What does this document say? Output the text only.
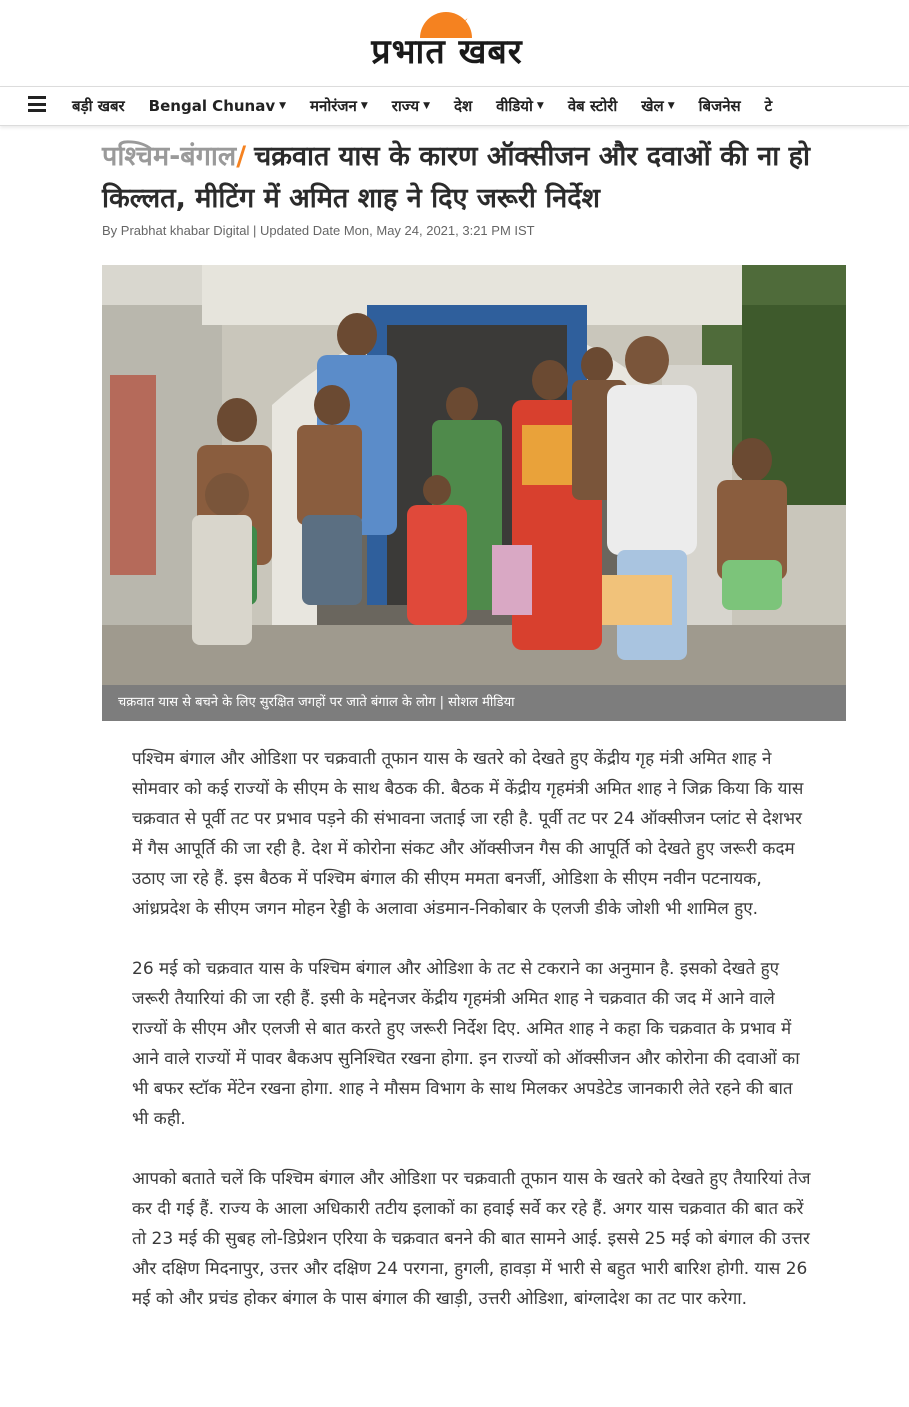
〜
प्रभात खबर
बड़ी खबर Bengal Chunav ▼ मनोरंजन ▼ राज्य ▼ देश वीडियो ▼ वेब स्टोरी खेल ▼ बिजनेस टे
पश्चिम-बंगाल/ चक्रवात यास के कारण ऑक्सीजन और दवाओं की ना हो किल्लत, मीटिंग में अमित शाह ने दिए जरूरी निर्देश
By Prabhat khabar Digital | Updated Date Mon, May 24, 2021, 3:21 PM IST
चक्रवात यास से बचने के लिए सुरक्षित जगहों पर जाते बंगाल के लोग | सोशल मीडिया

पश्चिम बंगाल और ओडिशा पर चक्रवाती तूफान यास के खतरे को देखते हुए केंद्रीय गृह मंत्री अमित शाह ने सोमवार को कई राज्यों के सीएम के साथ बैठक की. बैठक में केंद्रीय गृहमंत्री अमित शाह ने जिक्र किया कि यास चक्रवात से पूर्वी तट पर प्रभाव पड़ने की संभावना जताई जा रही है. पूर्वी तट पर 24 ऑक्सीजन प्लांट से देशभर में गैस आपूर्ति की जा रही है. देश में कोरोना संकट और ऑक्सीजन गैस की आपूर्ति को देखते हुए जरूरी कदम उठाए जा रहे हैं. इस बैठक में पश्चिम बंगाल की सीएम ममता बनर्जी, ओडिशा के सीएम नवीन पटनायक, आंध्रप्रदेश के सीएम जगन मोहन रेड्डी के अलावा अंडमान-निकोबार के एलजी डीके जोशी भी शामिल हुए.

26 मई को चक्रवात यास के पश्चिम बंगाल और ओडिशा के तट से टकराने का अनुमान है. इसको देखते हुए जरूरी तैयारियां की जा रही हैं. इसी के मद्देनजर केंद्रीय गृहमंत्री अमित शाह ने चक्रवात की जद में आने वाले राज्यों के सीएम और एलजी से बात करते हुए जरूरी निर्देश दिए. अमित शाह ने कहा कि चक्रवात के प्रभाव में आने वाले राज्यों में पावर बैकअप सुनिश्चित रखना होगा. इन राज्यों को ऑक्सीजन और कोरोना की दवाओं का भी बफर स्टॉक मेंटेन रखना होगा. शाह ने मौसम विभाग के साथ मिलकर अपडेटेड जानकारी लेते रहने की बात भी कही.

आपको बताते चलें कि पश्चिम बंगाल और ओडिशा पर चक्रवाती तूफान यास के खतरे को देखते हुए तैयारियां तेज कर दी गई हैं. राज्य के आला अधिकारी तटीय इलाकों का हवाई सर्वे कर रहे हैं. अगर यास चक्रवात की बात करें तो 23 मई की सुबह लो-डिप्रेशन एरिया के चक्रवात बनने की बात सामने आई. इससे 25 मई को बंगाल की उत्तर और दक्षिण मिदनापुर, उत्तर और दक्षिण 24 परगना, हुगली, हावड़ा में भारी से बहुत भारी बारिश होगी. यास 26 मई को और प्रचंड होकर बंगाल के पास बंगाल की खाड़ी, उत्तरी ओडिशा, बांग्लादेश का तट पार करेगा.
